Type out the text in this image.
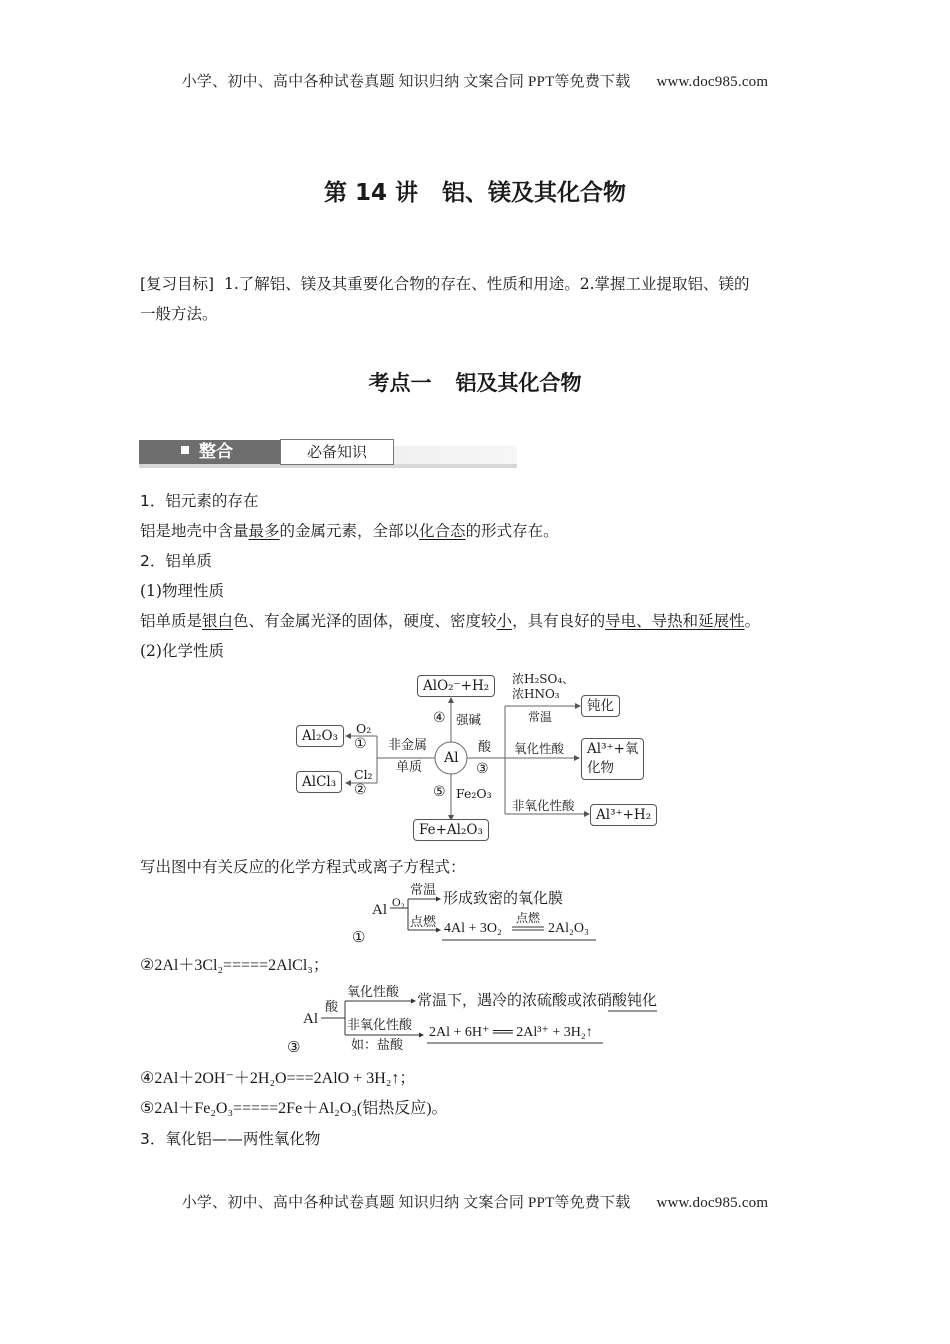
小学、初中、高中各种试卷真题 知识归纳 文案合同 PPT等免费下载 www.doc985.com
第 14 讲 铝、镁及其化合物
[复习目标] 1.了解铝、镁及其重要化合物的存在、性质和用途。2.掌握工业提取铝、镁的
一般方法。
考点一 铝及其化合物
整合	必备知识
1．铝元素的存在
铝是地壳中含量最多的金属元素，全部以化合态的形式存在。
2．铝单质
(1)物理性质
铝单质是银白色、有金属光泽的固体，硬度、密度较小，具有良好的导电、导热和延展性。
(2)化学性质
Al
AlO₂⁻+H₂
④ 强碱
非金属
单质
Al₂O₃	O₂
①
AlCl₃	Cl₂
②
酸
③
⑤ Fe₂O₃
Fe+Al₂O₃
浓H₂SO₄、
浓HNO₃
常温
钝化
氧化性酸	Al³⁺+氧
化物
非氧化性酸
Al³⁺+H₂
写出图中有关反应的化学方程式或离子方程式：
Al O₂
常温 形成致密的氧化膜
点燃 4Al + 3O₂
点燃
2Al₂O₃
①
②2Al＋3Cl₂=====2AlCl₃；
Al
酸
氧化性酸 常温下，遇冷的浓硫酸或浓硝酸钝化
非氧化性酸
如：盐酸
2Al + 6H⁺ ══ 2Al³⁺ + 3H₂↑
③
④2Al＋2OH⁻＋2H₂O===2AlO + 3H₂↑；
⑤2Al＋Fe₂O₃=====2Fe＋Al₂O₃(铝热反应)。
3．氧化铝——两性氧化物
小学、初中、高中各种试卷真题 知识归纳 文案合同 PPT等免费下载 www.doc985.com
